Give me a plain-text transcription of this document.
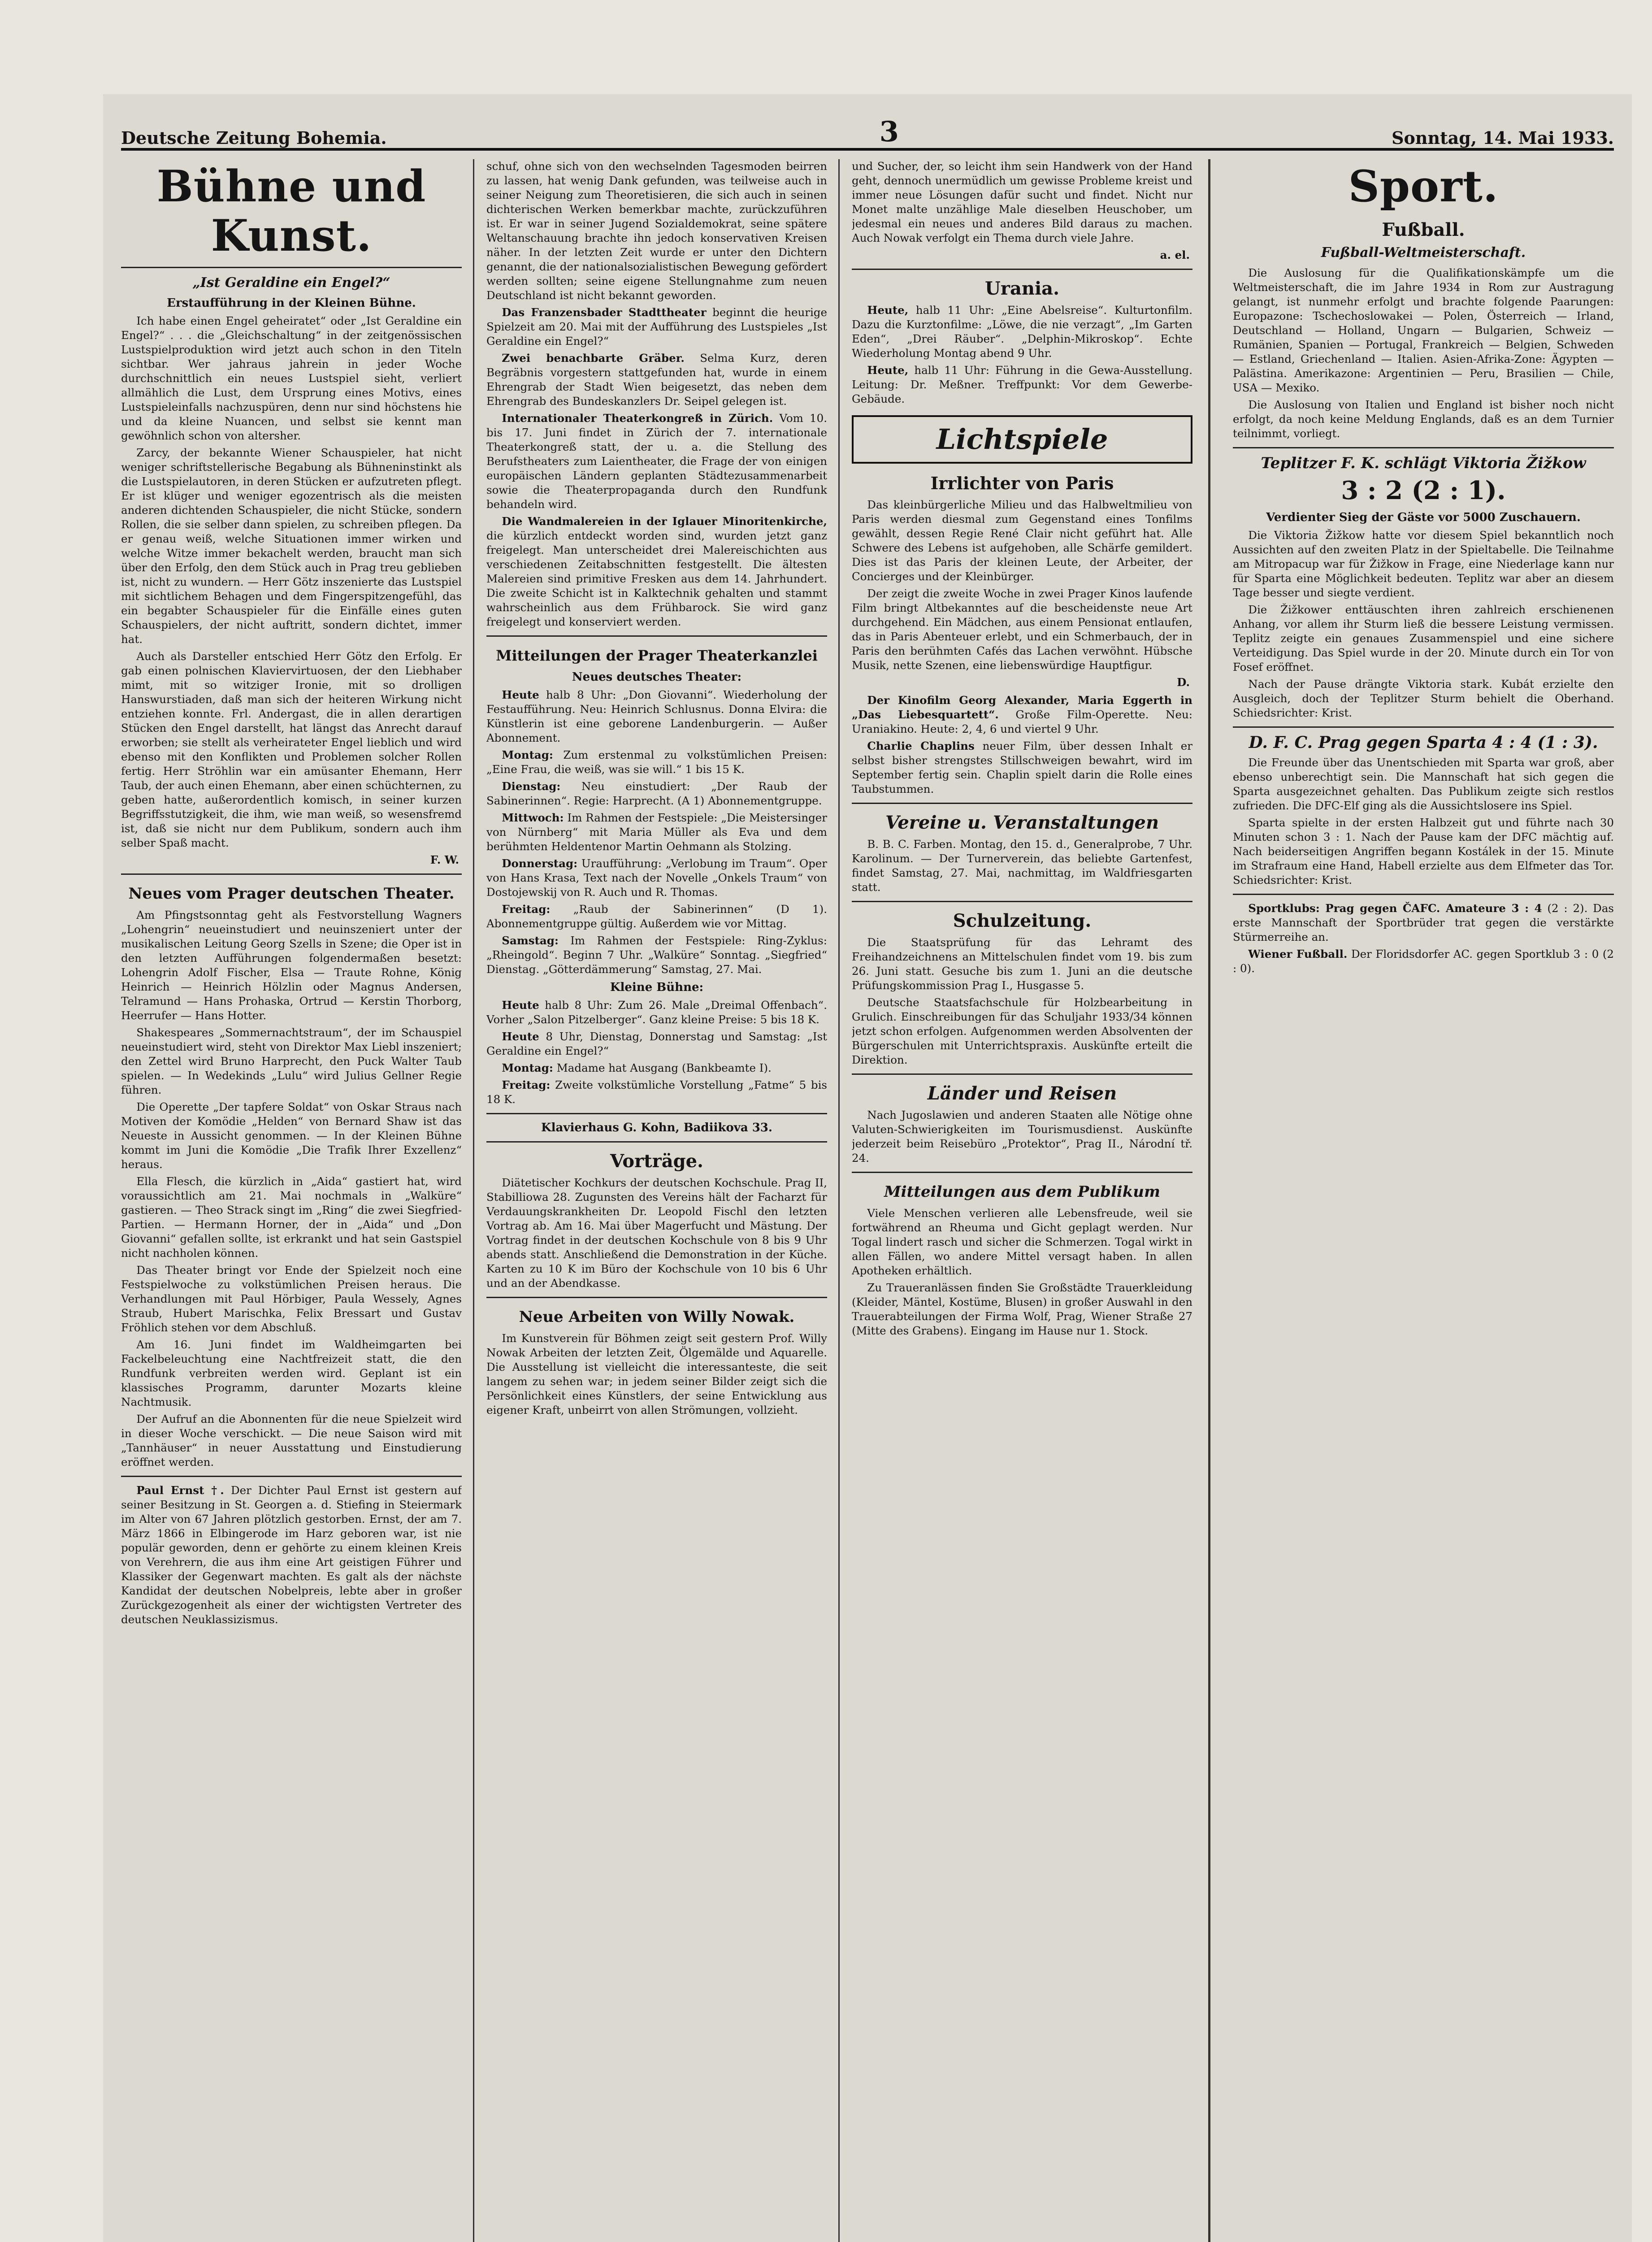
Deutsche Zeitung Bohemia.	3	Sonntag, 14. Mai 1933.
Bühne und Kunst.
„Ist Geraldine ein Engel?“
Erstaufführung in der Kleinen Bühne.

Ich habe einen Engel geheiratet“ oder „Ist Geraldine ein Engel?“ . . . die „Gleichschaltung“ in der zeitgenössischen Lustspielproduktion wird jetzt auch schon in den Titeln sichtbar. Wer jahraus jahrein in jeder Woche durchschnittlich ein neues Lustspiel sieht, verliert allmählich die Lust, dem Ursprung eines Motivs, eines Lustspieleinfalls nachzuspüren, denn nur sind höchstens hie und da kleine Nuancen, und selbst sie kennt man gewöhnlich schon von altersher.

Zarcy, der bekannte Wiener Schauspieler, hat nicht weniger schriftstellerische Begabung als Bühneninstinkt als die Lustspielautoren, in deren Stücken er aufzutreten pflegt. Er ist klüger und weniger egozentrisch als die meisten anderen dichtenden Schauspieler, die nicht Stücke, sondern Rollen, die sie selber dann spielen, zu schreiben pflegen. Da er genau weiß, welche Situationen immer wirken und welche Witze immer bekachelt werden, braucht man sich über den Erfolg, den dem Stück auch in Prag treu geblieben ist, nicht zu wundern. — Herr Götz inszenierte das Lustspiel mit sichtlichem Behagen und dem Fingerspitzengefühl, das ein begabter Schauspieler für die Einfälle eines guten Schauspielers, der nicht auftritt, sondern dichtet, immer hat.

Auch als Darsteller entschied Herr Götz den Erfolg. Er gab einen polnischen Klaviervirtuosen, der den Liebhaber mimt, mit so witziger Ironie, mit so drolligen Hanswurstiaden, daß man sich der heiteren Wirkung nicht entziehen konnte. Frl. Andergast, die in allen derartigen Stücken den Engel darstellt, hat längst das Anrecht darauf erworben; sie stellt als verheirateter Engel lieblich und wird ebenso mit den Konflikten und Problemen solcher Rollen fertig. Herr Ströhlin war ein amüsanter Ehemann, Herr Taub, der auch einen Ehemann, aber einen schüchternen, zu geben hatte, außerordentlich komisch, in seiner kurzen Begriffsstutzigkeit, die ihm, wie man weiß, so wesensfremd ist, daß sie nicht nur dem Publikum, sondern auch ihm selber Spaß macht.

F. W.
Neues vom Prager deutschen Theater.

Am Pfingstsonntag geht als Festvorstellung Wagners „Lohengrin“ neueinstudiert und neuinszeniert unter der musikalischen Leitung Georg Szells in Szene; die Oper ist in den letzten Aufführungen folgendermaßen besetzt: Lohengrin Adolf Fischer, Elsa — Traute Rohne, König Heinrich — Heinrich Hölzlin oder Magnus Andersen, Telramund — Hans Prohaska, Ortrud — Kerstin Thorborg, Heerrufer — Hans Hotter.

Shakespeares „Sommernachtstraum“, der im Schauspiel neueinstudiert wird, steht von Direktor Max Liebl inszeniert; den Zettel wird Bruno Harprecht, den Puck Walter Taub spielen. — In Wedekinds „Lulu“ wird Julius Gellner Regie führen.

Die Operette „Der tapfere Soldat“ von Oskar Straus nach Motiven der Komödie „Helden“ von Bernard Shaw ist das Neueste in Aussicht genommen. — In der Kleinen Bühne kommt im Juni die Komödie „Die Trafik Ihrer Exzellenz“ heraus.

Ella Flesch, die kürzlich in „Aida“ gastiert hat, wird voraussichtlich am 21. Mai nochmals in „Walküre“ gastieren. — Theo Strack singt im „Ring“ die zwei Siegfried-Partien. — Hermann Horner, der in „Aida“ und „Don Giovanni“ gefallen sollte, ist erkrankt und hat sein Gastspiel nicht nachholen können.

Das Theater bringt vor Ende der Spielzeit noch eine Festspielwoche zu volkstümlichen Preisen heraus. Die Verhandlungen mit Paul Hörbiger, Paula Wessely, Agnes Straub, Hubert Marischka, Felix Bressart und Gustav Fröhlich stehen vor dem Abschluß.

Am 16. Juni findet im Waldheimgarten bei Fackelbeleuchtung eine Nachtfreizeit statt, die den Rundfunk verbreiten werden wird. Geplant ist ein klassisches Programm, darunter Mozarts kleine Nachtmusik.

Der Aufruf an die Abonnenten für die neue Spielzeit wird in dieser Woche verschickt. — Die neue Saison wird mit „Tannhäuser“ in neuer Ausstattung und Einstudierung eröffnet werden.

Paul Ernst †. Der Dichter Paul Ernst ist gestern auf seiner Besitzung in St. Georgen a. d. Stiefing in Steiermark im Alter von 67 Jahren plötzlich gestorben. Ernst, der am 7. März 1866 in Elbingerode im Harz geboren war, ist nie populär geworden, denn er gehörte zu einem kleinen Kreis von Verehrern, die aus ihm eine Art geistigen Führer und Klassiker der Gegenwart machten. Es galt als der nächste Kandidat der deutschen Nobelpreis, lebte aber in großer Zurückgezogenheit als einer der wichtigsten Vertreter des deutschen Neuklassizismus.

schuf, ohne sich von den wechselnden Tagesmoden beirren zu lassen, hat wenig Dank gefunden, was teilweise auch in seiner Neigung zum Theoretisieren, die sich auch in seinen dichterischen Werken bemerkbar machte, zurückzuführen ist. Er war in seiner Jugend Sozialdemokrat, seine spätere Weltanschauung brachte ihn jedoch konservativen Kreisen näher. In der letzten Zeit wurde er unter den Dichtern genannt, die der nationalsozialistischen Bewegung gefördert werden sollten; seine eigene Stellungnahme zum neuen Deutschland ist nicht bekannt geworden.

Das Franzensbader Stadttheater beginnt die heurige Spielzeit am 20. Mai mit der Aufführung des Lustspieles „Ist Geraldine ein Engel?“

Zwei benachbarte Gräber. Selma Kurz, deren Begräbnis vorgestern stattgefunden hat, wurde in einem Ehrengrab der Stadt Wien beigesetzt, das neben dem Ehrengrab des Bundeskanzlers Dr. Seipel gelegen ist.

Internationaler Theaterkongreß in Zürich. Vom 10. bis 17. Juni findet in Zürich der 7. internationale Theaterkongreß statt, der u. a. die Stellung des Berufstheaters zum Laientheater, die Frage der von einigen europäischen Ländern geplanten Städtezusammenarbeit sowie die Theaterpropaganda durch den Rundfunk behandeln wird.

Die Wandmalereien in der Iglauer Minoritenkirche, die kürzlich entdeckt worden sind, wurden jetzt ganz freigelegt. Man unterscheidet drei Malereischichten aus verschiedenen Zeitabschnitten festgestellt. Die ältesten Malereien sind primitive Fresken aus dem 14. Jahrhundert. Die zweite Schicht ist in Kalktechnik gehalten und stammt wahrscheinlich aus dem Frühbarock. Sie wird ganz freigelegt und konserviert werden.

Mitteilungen der Prager Theaterkanzlei
Neues deutsches Theater:

Heute halb 8 Uhr: „Don Giovanni“. Wiederholung der Festaufführung. Neu: Heinrich Schlusnus. Donna Elvira: die Künstlerin ist eine geborene Landenburgerin. — Außer Abonnement.

Montag: Zum erstenmal zu volkstümlichen Preisen: „Eine Frau, die weiß, was sie will.“ 1 bis 15 K.

Dienstag: Neu einstudiert: „Der Raub der Sabinerinnen“. Regie: Harprecht. (A 1) Abonnementgruppe.

Mittwoch: Im Rahmen der Festspiele: „Die Meistersinger von Nürnberg“ mit Maria Müller als Eva und dem berühmten Heldentenor Martin Oehmann als Stolzing.

Donnerstag: Uraufführung: „Verlobung im Traum“. Oper von Hans Krasa, Text nach der Novelle „Onkels Traum“ von Dostojewskij von R. Auch und R. Thomas.

Freitag: „Raub der Sabinerinnen“ (D 1). Abonnementgruppe gültig. Außerdem wie vor Mittag.

Samstag: Im Rahmen der Festspiele: Ring-Zyklus: „Rheingold“. Beginn 7 Uhr. „Walküre“ Sonntag. „Siegfried“ Dienstag. „Götterdämmerung“ Samstag, 27. Mai.

Kleine Bühne:

Heute halb 8 Uhr: Zum 26. Male „Dreimal Offenbach“. Vorher „Salon Pitzelberger“. Ganz kleine Preise: 5 bis 18 K.

Heute 8 Uhr, Dienstag, Donnerstag und Samstag: „Ist Geraldine ein Engel?“

Montag: Madame hat Ausgang (Bankbeamte I).

Freitag: Zweite volkstümliche Vorstellung „Fatme“ 5 bis 18 K.

Klavierhaus G. Kohn, Badiikova 33.
Vorträge.

Diätetischer Kochkurs der deutschen Kochschule. Prag II, Stabilliowa 28. Zugunsten des Vereins hält der Facharzt für Verdauungskrankheiten Dr. Leopold Fischl den letzten Vortrag ab. Am 16. Mai über Magerfucht und Mästung. Der Vortrag findet in der deutschen Kochschule von 8 bis 9 Uhr abends statt. Anschließend die Demonstration in der Küche. Karten zu 10 K im Büro der Kochschule von 10 bis 6 Uhr und an der Abendkasse.

Neue Arbeiten von Willy Nowak.

Im Kunstverein für Böhmen zeigt seit gestern Prof. Willy Nowak Arbeiten der letzten Zeit, Ölgemälde und Aquarelle. Die Ausstellung ist vielleicht die interessanteste, die seit langem zu sehen war; in jedem seiner Bilder zeigt sich die Persönlichkeit eines Künstlers, der seine Entwicklung aus eigener Kraft, unbeirrt von allen Strömungen, vollzieht.

und Sucher, der, so leicht ihm sein Handwerk von der Hand geht, dennoch unermüdlich um gewisse Probleme kreist und immer neue Lösungen dafür sucht und findet. Nicht nur Monet malte unzählige Male dieselben Heuschober, um jedesmal ein neues und anderes Bild daraus zu machen. Auch Nowak verfolgt ein Thema durch viele Jahre.

a. el.
Urania.

Heute, halb 11 Uhr: „Eine Abelsreise“. Kulturtonfilm. Dazu die Kurztonfilme: „Löwe, die nie verzagt“, „Im Garten Eden“, „Drei Räuber“. „Delphin-Mikroskop“. Echte Wiederholung Montag abend 9 Uhr.

Heute, halb 11 Uhr: Führung in die Gewa-Ausstellung. Leitung: Dr. Meßner. Treffpunkt: Vor dem Gewerbe-Gebäude.

Lichtspiele
Irrlichter von Paris

Das kleinbürgerliche Milieu und das Halbweltmilieu von Paris werden diesmal zum Gegenstand eines Tonfilms gewählt, dessen Regie René Clair nicht geführt hat. Alle Schwere des Lebens ist aufgehoben, alle Schärfe gemildert. Dies ist das Paris der kleinen Leute, der Arbeiter, der Concierges und der Kleinbürger.

Der zeigt die zweite Woche in zwei Prager Kinos laufende Film bringt Altbekanntes auf die bescheidenste neue Art durchgehend. Ein Mädchen, aus einem Pensionat entlaufen, das in Paris Abenteuer erlebt, und ein Schmerbauch, der in Paris den berühmten Cafés das Lachen verwöhnt. Hübsche Musik, nette Szenen, eine liebenswürdige Hauptfigur.

D.

Der Kinofilm Georg Alexander, Maria Eggerth in „Das Liebesquartett“. Große Film-Operette. Neu: Uraniakino. Heute: 2, 4, 6 und viertel 9 Uhr.

Charlie Chaplins neuer Film, über dessen Inhalt er selbst bisher strengstes Stillschweigen bewahrt, wird im September fertig sein. Chaplin spielt darin die Rolle eines Taubstummen.

Vereine u. Veranstaltungen

B. B. C. Farben. Montag, den 15. d., Generalprobe, 7 Uhr. Karolinum. — Der Turnerverein, das beliebte Gartenfest, findet Samstag, 27. Mai, nachmittag, im Waldfriesgarten statt.

Schulzeitung.

Die Staatsprüfung für das Lehramt des Freihandzeichnens an Mittelschulen findet vom 19. bis zum 26. Juni statt. Gesuche bis zum 1. Juni an die deutsche Prüfungskommission Prag I., Husgasse 5.

Deutsche Staatsfachschule für Holzbearbeitung in Grulich. Einschreibungen für das Schuljahr 1933/34 können jetzt schon erfolgen. Aufgenommen werden Absolventen der Bürgerschulen mit Unterrichtspraxis. Auskünfte erteilt die Direktion.

Länder und Reisen

Nach Jugoslawien und anderen Staaten alle Nötige ohne Valuten-Schwierigkeiten im Tourismusdienst. Auskünfte jederzeit beim Reisebüro „Protektor“, Prag II., Národní tř. 24.

Mitteilungen aus dem Publikum

Viele Menschen verlieren alle Lebensfreude, weil sie fortwährend an Rheuma und Gicht geplagt werden. Nur Togal lindert rasch und sicher die Schmerzen. Togal wirkt in allen Fällen, wo andere Mittel versagt haben. In allen Apotheken erhältlich.

Zu Traueranlässen finden Sie Großstädte Trauerkleidung (Kleider, Mäntel, Kostüme, Blusen) in großer Auswahl in den Trauerabteilungen der Firma Wolf, Prag, Wiener Straße 27 (Mitte des Grabens). Eingang im Hause nur 1. Stock.

Sport.
Fußball.
Fußball-Weltmeisterschaft.

Die Auslosung für die Qualifikationskämpfe um die Weltmeisterschaft, die im Jahre 1934 in Rom zur Austragung gelangt, ist nunmehr erfolgt und brachte folgende Paarungen: Europazone: Tschechoslowakei — Polen, Österreich — Irland, Deutschland — Holland, Ungarn — Bulgarien, Schweiz — Rumänien, Spanien — Portugal, Frankreich — Belgien, Schweden — Estland, Griechenland — Italien. Asien-Afrika-Zone: Ägypten — Palästina. Amerikazone: Argentinien — Peru, Brasilien — Chile, USA — Mexiko.

Die Auslosung von Italien und England ist bisher noch nicht erfolgt, da noch keine Meldung Englands, daß es an dem Turnier teilnimmt, vorliegt.

Teplitzer F. K. schlägt Viktoria Žižkow
3 : 2 (2 : 1).
Verdienter Sieg der Gäste vor 5000 Zuschauern.

Die Viktoria Žižkow hatte vor diesem Spiel bekanntlich noch Aussichten auf den zweiten Platz in der Spieltabelle. Die Teilnahme am Mitropacup war für Žižkow in Frage, eine Niederlage kann nur für Sparta eine Möglichkeit bedeuten. Teplitz war aber an diesem Tage besser und siegte verdient.

Die Žižkower enttäuschten ihren zahlreich erschienenen Anhang, vor allem ihr Sturm ließ die bessere Leistung vermissen. Teplitz zeigte ein genaues Zusammenspiel und eine sichere Verteidigung. Das Spiel wurde in der 20. Minute durch ein Tor von Fosef eröffnet.

Nach der Pause drängte Viktoria stark. Kubát erzielte den Ausgleich, doch der Teplitzer Sturm behielt die Oberhand. Schiedsrichter: Krist.

D. F. C. Prag gegen Sparta 4 : 4 (1 : 3).

Die Freunde über das Unentschieden mit Sparta war groß, aber ebenso unberechtigt sein. Die Mannschaft hat sich gegen die Sparta ausgezeichnet gehalten. Das Publikum zeigte sich restlos zufrieden. Die DFC-Elf ging als die Aussichtslosere ins Spiel.

Sparta spielte in der ersten Halbzeit gut und führte nach 30 Minuten schon 3 : 1. Nach der Pause kam der DFC mächtig auf. Nach beiderseitigen Angriffen begann Kostálek in der 15. Minute im Strafraum eine Hand, Habell erzielte aus dem Elfmeter das Tor. Schiedsrichter: Krist.

Sportklubs: Prag gegen ČAFC. Amateure 3 : 4 (2 : 2). Das erste Mannschaft der Sportbrüder trat gegen die verstärkte Stürmerreihe an.

Wiener Fußball. Der Floridsdorfer AC. gegen Sportklub 3 : 0 (2 : 0).
